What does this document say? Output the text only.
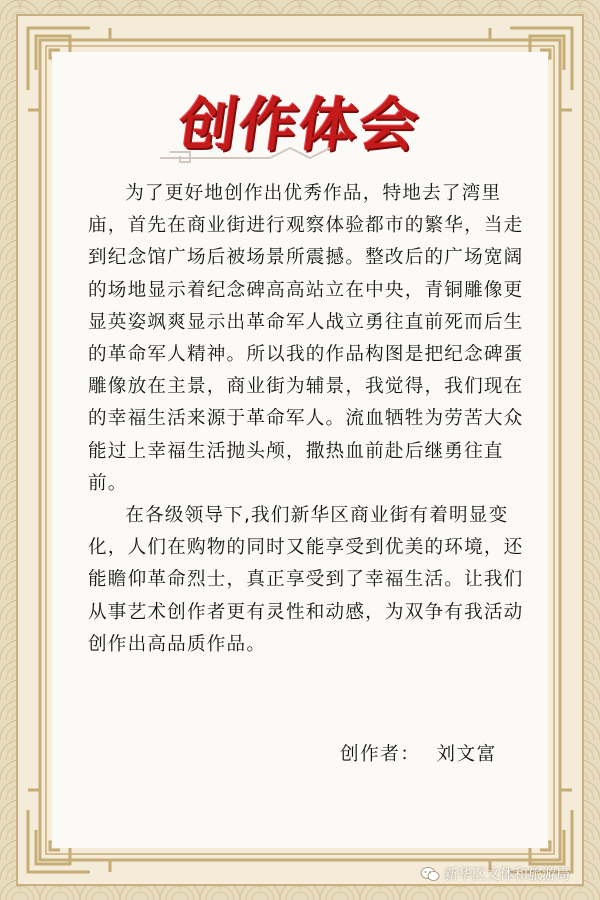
创作体会

为了更好地创作出优秀作品，特地去了湾里庙，首先在商业街进行观察体验都市的繁华，当走到纪念馆广场后被场景所震撼。整改后的广场宽阔的场地显示着纪念碑高高站立在中央，青铜雕像更显英姿飒爽显示出革命军人战立勇往直前死而后生的革命军人精神。所以我的作品构图是把纪念碑蛋雕像放在主景，商业街为辅景，我觉得，我们现在的幸福生活来源于革命军人。流血牺牲为劳苦大众能过上幸福生活抛头颅，撒热血前赴后继勇往直前。

在各级领导下,我们新华区商业街有着明显变化，人们在购物的同时又能享受到优美的环境，还能瞻仰革命烈士，真正享受到了幸福生活。让我们从事艺术创作者更有灵性和动感，为双争有我活动创作出高品质作品。

创作者： 刘文富
新华区文体和旅游局
